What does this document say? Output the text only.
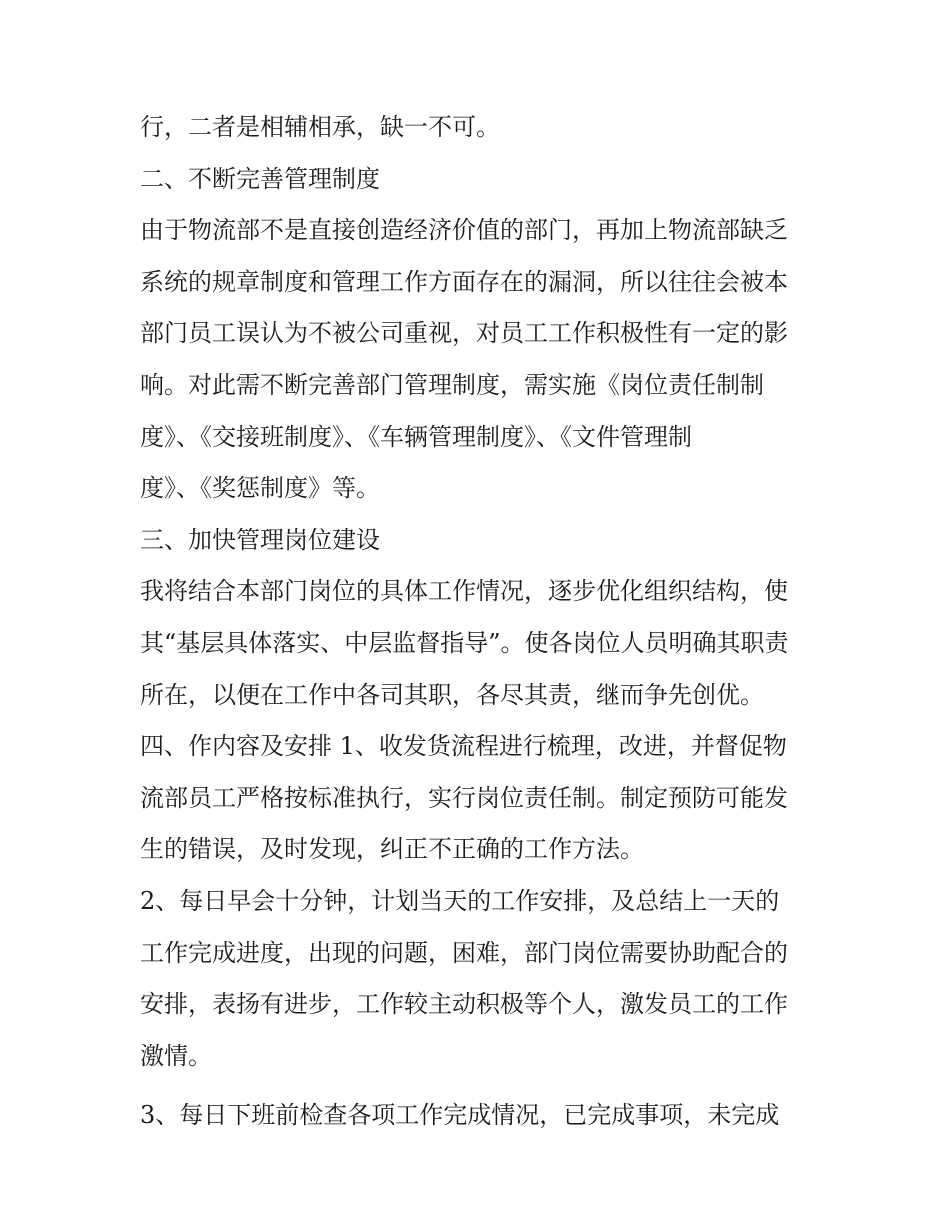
行，二者是相辅相承，缺一不可。
二、不断完善管理制度
由于物流部不是直接创造经济价值的部门，再加上物流部缺乏
系统的规章制度和管理工作方面存在的漏洞，所以往往会被本
部门员工误认为不被公司重视，对员工工作积极性有一定的影
响。对此需不断完善部门管理制度，需实施《岗位责任制制
度》、《交接班制度》、《车辆管理制度》、《文件管理制
度》、《奖惩制度》等。
三、加快管理岗位建设
我将结合本部门岗位的具体工作情况，逐步优化组织结构，使
其“基层具体落实、中层监督指导”。使各岗位人员明确其职责
所在，以便在工作中各司其职，各尽其责，继而争先创优。
四、作内容及安排 1、收发货流程进行梳理，改进，并督促物
流部员工严格按标准执行，实行岗位责任制。制定预防可能发
生的错误，及时发现，纠正不正确的工作方法。
2、每日早会十分钟，计划当天的工作安排，及总结上一天的
工作完成进度，出现的问题，困难，部门岗位需要协助配合的
安排，表扬有进步，工作较主动积极等个人，激发员工的工作
激情。
3、每日下班前检查各项工作完成情况，已完成事项，未完成
